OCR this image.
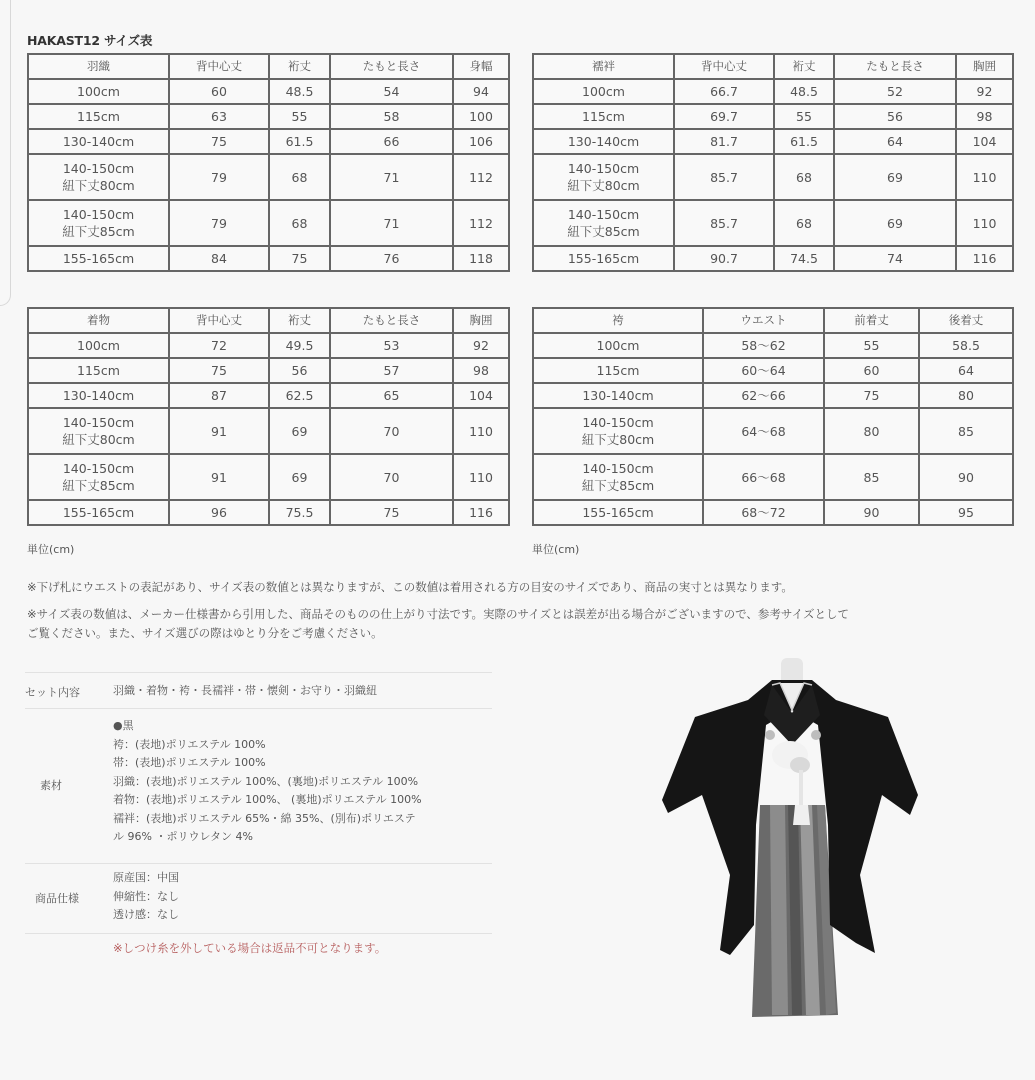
HAKAST12 サイズ表
羽織	背中心丈	裄丈	たもと長さ	身幅
100cm	60	48.5	54	94
115cm	63	55	58	100
130-140cm	75	61.5	66	106

140-150cm
紐下丈80cm	79	68	71	112

140-150cm
紐下丈85cm	79	68	71	112
155-165cm	84	75	76	118
襦袢	背中心丈	裄丈	たもと長さ	胸囲
100cm	66.7	48.5	52	92
115cm	69.7	55	56	98
130-140cm	81.7	61.5	64	104

140-150cm
紐下丈80cm	85.7	68	69	110

140-150cm
紐下丈85cm	85.7	68	69	110
155-165cm	90.7	74.5	74	116
着物	背中心丈	裄丈	たもと長さ	胸囲
100cm	72	49.5	53	92
115cm	75	56	57	98
130-140cm	87	62.5	65	104

140-150cm
紐下丈80cm	91	69	70	110

140-150cm
紐下丈85cm	91	69	70	110
155-165cm	96	75.5	75	116
袴	ウエスト	前着丈	後着丈
100cm	58〜62	55	58.5
115cm	60〜64	60	64
130-140cm	62〜66	75	80

140-150cm
紐下丈80cm	64〜68	80	85

140-150cm
紐下丈85cm	66〜68	85	90
155-165cm	68〜72	90	95
単位(cm)	単位(cm)
※下げ札にウエストの表記があり、サイズ表の数値とは異なりますが、この数値は着用される方の目安のサイズであり、商品の実寸とは異なります。
※サイズ表の数値は、メーカー仕様書から引用した、商品そのものの仕上がり寸法です。実際のサイズとは誤差が出る場合がございますので、参考サイズとして
ご覧ください。また、サイズ選びの際はゆとり分をご考慮ください。
セット内容	羽織・着物・袴・長襦袢・帯・懐剣・お守り・羽織紐
素材
●黒
袴：(表地)ポリエステル 100%
帯：(表地)ポリエステル 100%
羽織：(表地)ポリエステル 100%、(裏地)ポリエステル 100%
着物：(表地)ポリエステル 100%、 (裏地)ポリエステル 100%
襦袢：(表地)ポリエステル 65%・綿 35%、(別布)ポリエステ
ル 96% ・ポリウレタン 4%
商品仕様
原産国：中国
伸縮性：なし
透け感：なし
※しつけ糸を外している場合は返品不可となります。
